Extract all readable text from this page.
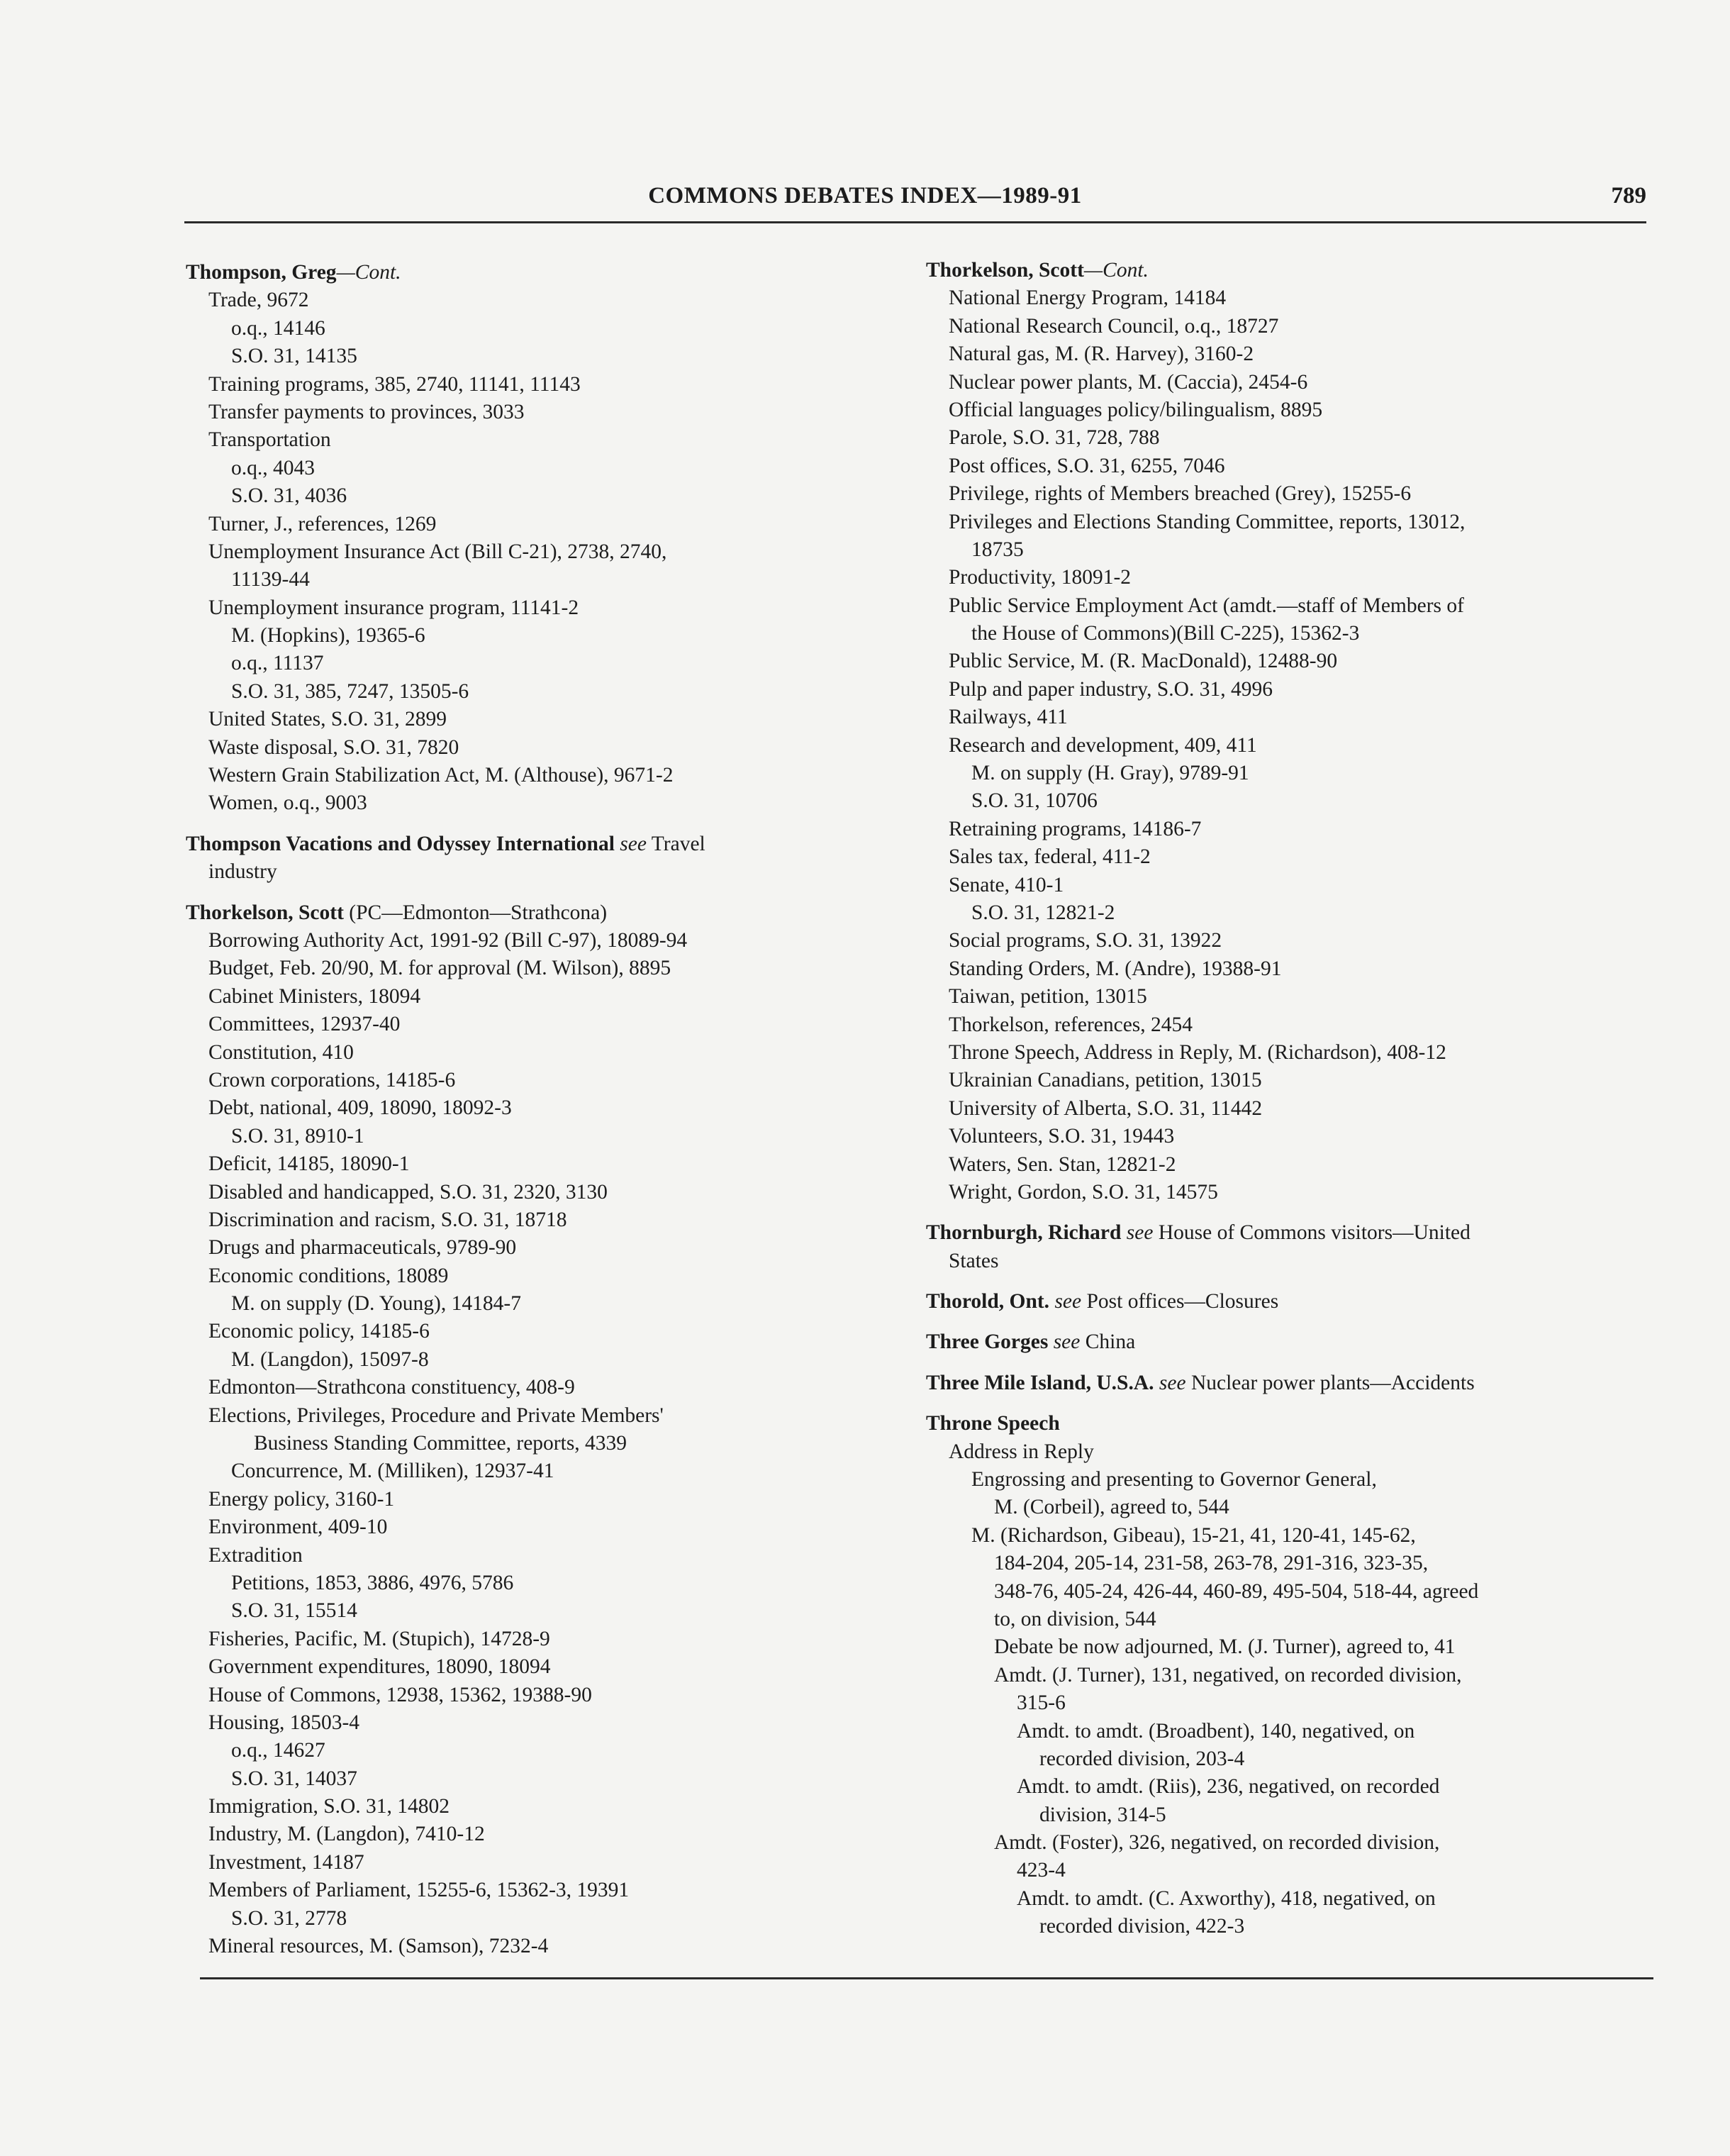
COMMONS DEBATES INDEX—1989-91	789
Thompson, Greg—Cont.
Trade, 9672
o.q., 14146
S.O. 31, 14135
Training programs, 385, 2740, 11141, 11143
Transfer payments to provinces, 3033
Transportation
o.q., 4043
S.O. 31, 4036
Turner, J., references, 1269
Unemployment Insurance Act (Bill C-21), 2738, 2740,
11139-44
Unemployment insurance program, 11141-2
M. (Hopkins), 19365-6
o.q., 11137
S.O. 31, 385, 7247, 13505-6
United States, S.O. 31, 2899
Waste disposal, S.O. 31, 7820
Western Grain Stabilization Act, M. (Althouse), 9671-2
Women, o.q., 9003
Thompson Vacations and Odyssey International see Travel
industry
Thorkelson, Scott (PC—Edmonton—Strathcona)
Borrowing Authority Act, 1991-92 (Bill C-97), 18089-94
Budget, Feb. 20/90, M. for approval (M. Wilson), 8895
Cabinet Ministers, 18094
Committees, 12937-40
Constitution, 410
Crown corporations, 14185-6
Debt, national, 409, 18090, 18092-3
S.O. 31, 8910-1
Deficit, 14185, 18090-1
Disabled and handicapped, S.O. 31, 2320, 3130
Discrimination and racism, S.O. 31, 18718
Drugs and pharmaceuticals, 9789-90
Economic conditions, 18089
M. on supply (D. Young), 14184-7
Economic policy, 14185-6
M. (Langdon), 15097-8
Edmonton—Strathcona constituency, 408-9
Elections, Privileges, Procedure and Private Members'
Business Standing Committee, reports, 4339
Concurrence, M. (Milliken), 12937-41
Energy policy, 3160-1
Environment, 409-10
Extradition
Petitions, 1853, 3886, 4976, 5786
S.O. 31, 15514
Fisheries, Pacific, M. (Stupich), 14728-9
Government expenditures, 18090, 18094
House of Commons, 12938, 15362, 19388-90
Housing, 18503-4
o.q., 14627
S.O. 31, 14037
Immigration, S.O. 31, 14802
Industry, M. (Langdon), 7410-12
Investment, 14187
Members of Parliament, 15255-6, 15362-3, 19391
S.O. 31, 2778
Mineral resources, M. (Samson), 7232-4
Thorkelson, Scott—Cont.
National Energy Program, 14184
National Research Council, o.q., 18727
Natural gas, M. (R. Harvey), 3160-2
Nuclear power plants, M. (Caccia), 2454-6
Official languages policy/bilingualism, 8895
Parole, S.O. 31, 728, 788
Post offices, S.O. 31, 6255, 7046
Privilege, rights of Members breached (Grey), 15255-6
Privileges and Elections Standing Committee, reports, 13012,
18735
Productivity, 18091-2
Public Service Employment Act (amdt.—staff of Members of
the House of Commons)(Bill C-225), 15362-3
Public Service, M. (R. MacDonald), 12488-90
Pulp and paper industry, S.O. 31, 4996
Railways, 411
Research and development, 409, 411
M. on supply (H. Gray), 9789-91
S.O. 31, 10706
Retraining programs, 14186-7
Sales tax, federal, 411-2
Senate, 410-1
S.O. 31, 12821-2
Social programs, S.O. 31, 13922
Standing Orders, M. (Andre), 19388-91
Taiwan, petition, 13015
Thorkelson, references, 2454
Throne Speech, Address in Reply, M. (Richardson), 408-12
Ukrainian Canadians, petition, 13015
University of Alberta, S.O. 31, 11442
Volunteers, S.O. 31, 19443
Waters, Sen. Stan, 12821-2
Wright, Gordon, S.O. 31, 14575
Thornburgh, Richard see House of Commons visitors—United
States
Thorold, Ont. see Post offices—Closures
Three Gorges see China
Three Mile Island, U.S.A. see Nuclear power plants—Accidents
Throne Speech
Address in Reply
Engrossing and presenting to Governor General,
M. (Corbeil), agreed to, 544
M. (Richardson, Gibeau), 15-21, 41, 120-41, 145-62,
184-204, 205-14, 231-58, 263-78, 291-316, 323-35,
348-76, 405-24, 426-44, 460-89, 495-504, 518-44, agreed
to, on division, 544
Debate be now adjourned, M. (J. Turner), agreed to, 41
Amdt. (J. Turner), 131, negatived, on recorded division,
315-6
Amdt. to amdt. (Broadbent), 140, negatived, on
recorded division, 203-4
Amdt. to amdt. (Riis), 236, negatived, on recorded
division, 314-5
Amdt. (Foster), 326, negatived, on recorded division,
423-4
Amdt. to amdt. (C. Axworthy), 418, negatived, on
recorded division, 422-3
